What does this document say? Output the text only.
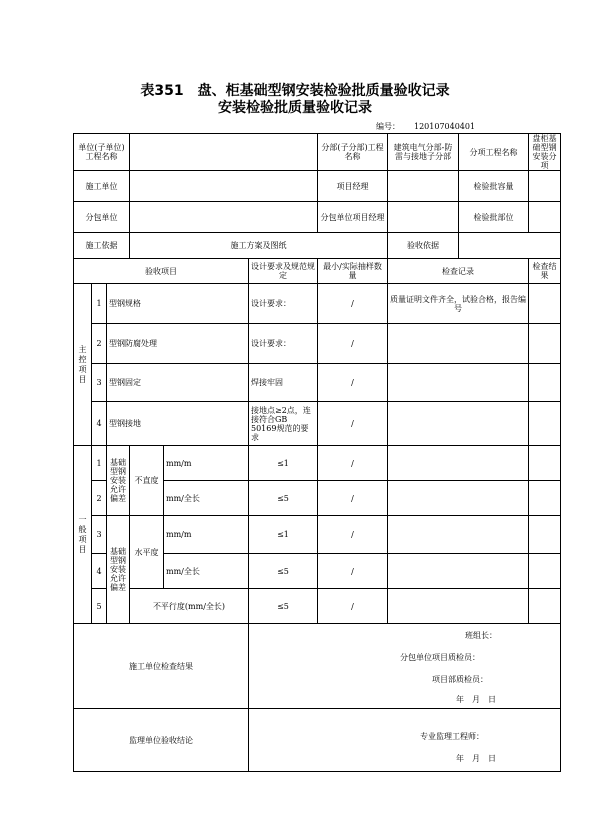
表351　盘、柜基础型钢安装检验批质量验收记录
安装检验批质量验收记录
编号： 120107040401
单位(子单位)工程名称						分部(子分部)工程名称	建筑电气分部-防雷与接地子分部	分项工程名称	盘柜基础型钢安装分项
施工单位						项目经理		检验批容量	
分包单位						分包单位项目经理		检验批部位	
施工依据			施工方案及图纸				验收依据		
验收项目					设计要求及规范规定	最小/实际抽样数量	检查记录		检查结果
主控项目	1	型钢规格			设计要求：	/	质量证明文件齐全，试验合格，报告编号		
	2	型钢防腐处理			设计要求：	/			
	3	型钢固定			焊接牢固	/			
	4	型钢接地			接地点≥2点，连接符合GB 50169规范的要求	/			
一般项目	1	基础型钢安装允许偏差	不直度	mm/m	≤1	/			
	2			mm/全长	≤5	/			
	3	基础型钢安装允许偏差	水平度	mm/m	≤1	/			
	4			mm/全长	≤5	/			
	5		不平行度(mm/全长)		≤5	/			
施工单位检查结果					班组长：
分包单位项目质检员：
项目部质检员：
年　月　日				

监理单位验收结论					专业监理工程师：
年　月　日				
